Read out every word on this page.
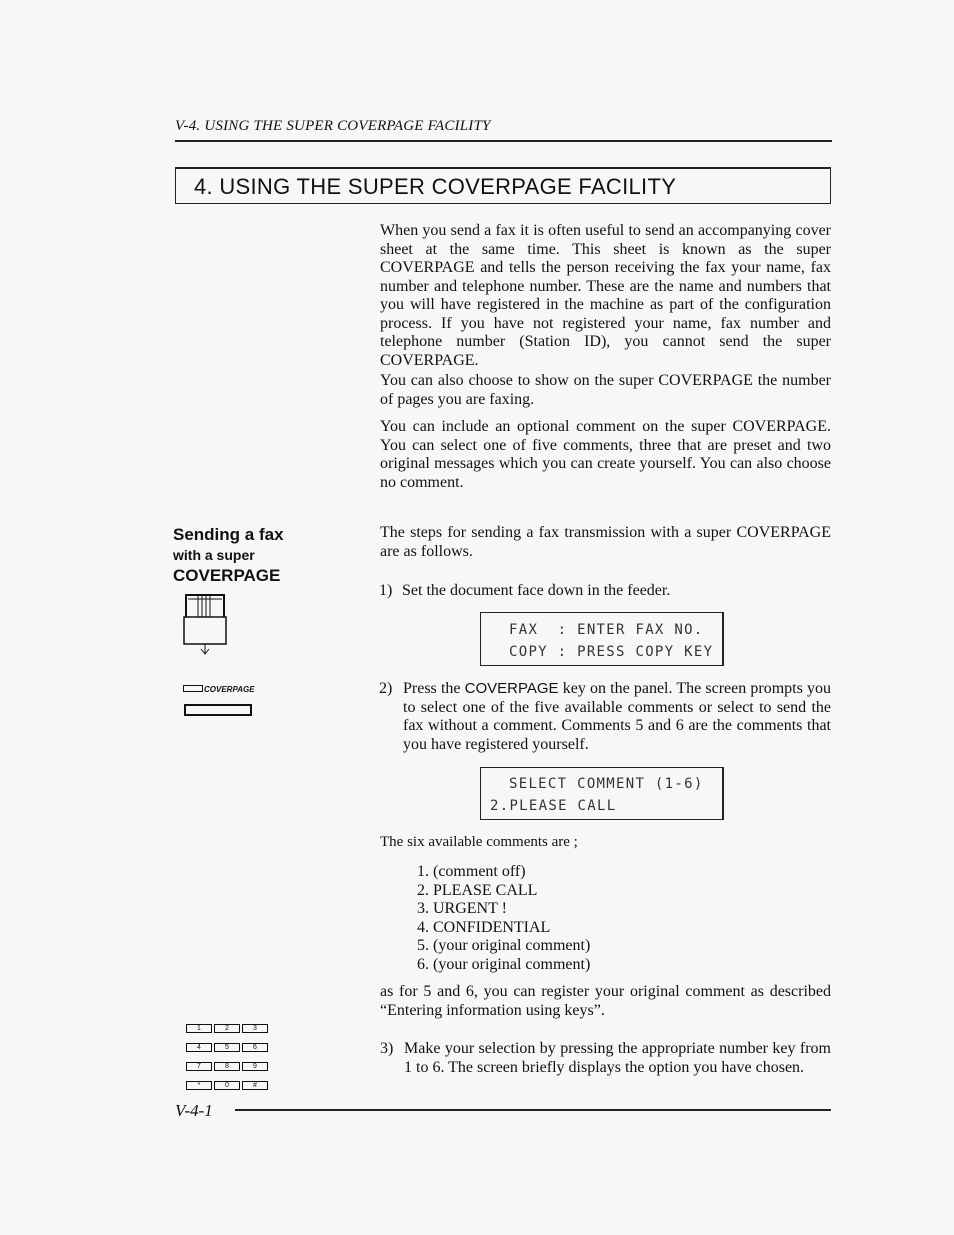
V-4. USING THE SUPER COVERPAGE FACILITY
4. USING THE SUPER COVERPAGE FACILITY
When you send a fax it is often useful to send an accompanying cover sheet at the same time. This sheet is known as the super COVERPAGE and tells the person receiving the fax your name, fax number and telephone number. These are the name and numbers that you will have registered in the machine as part of the configuration process. If you have not registered your name, fax number and telephone number (Station ID), you cannot send the super COVERPAGE.
You can also choose to show on the super COVERPAGE the number of pages you are faxing.
You can include an optional comment on the super COVERPAGE. You can select one of five comments, three that are preset and two original messages which you can create yourself. You can also choose no comment.
Sending a fax
with a super
COVERPAGE
COVERPAGE
The steps for sending a fax transmission with a super COVERPAGE are as follows.
1) Set the document face down in the feeder.
FAX  : ENTER FAX NO.
COPY : PRESS COPY KEY
2) Press the COVERPAGE key on the panel. The screen prompts you to select one of the five available comments or select to send the fax without a comment. Comments 5 and 6 are the comments that you have registered yourself.
SELECT COMMENT (1-6)
2.PLEASE CALL
The six available comments are ;
1. (comment off)
2. PLEASE CALL
3. URGENT !
4. CONFIDENTIAL
5. (your original comment)
6. (your original comment)
as for 5 and 6, you can register your original comment as described “Entering information using keys”.
3) Make your selection by pressing the appropriate number key from 1 to 6. The screen briefly displays the option you have chosen.
1	2	3
4	5	6
7	8	9
*	0	#
V-4-1
